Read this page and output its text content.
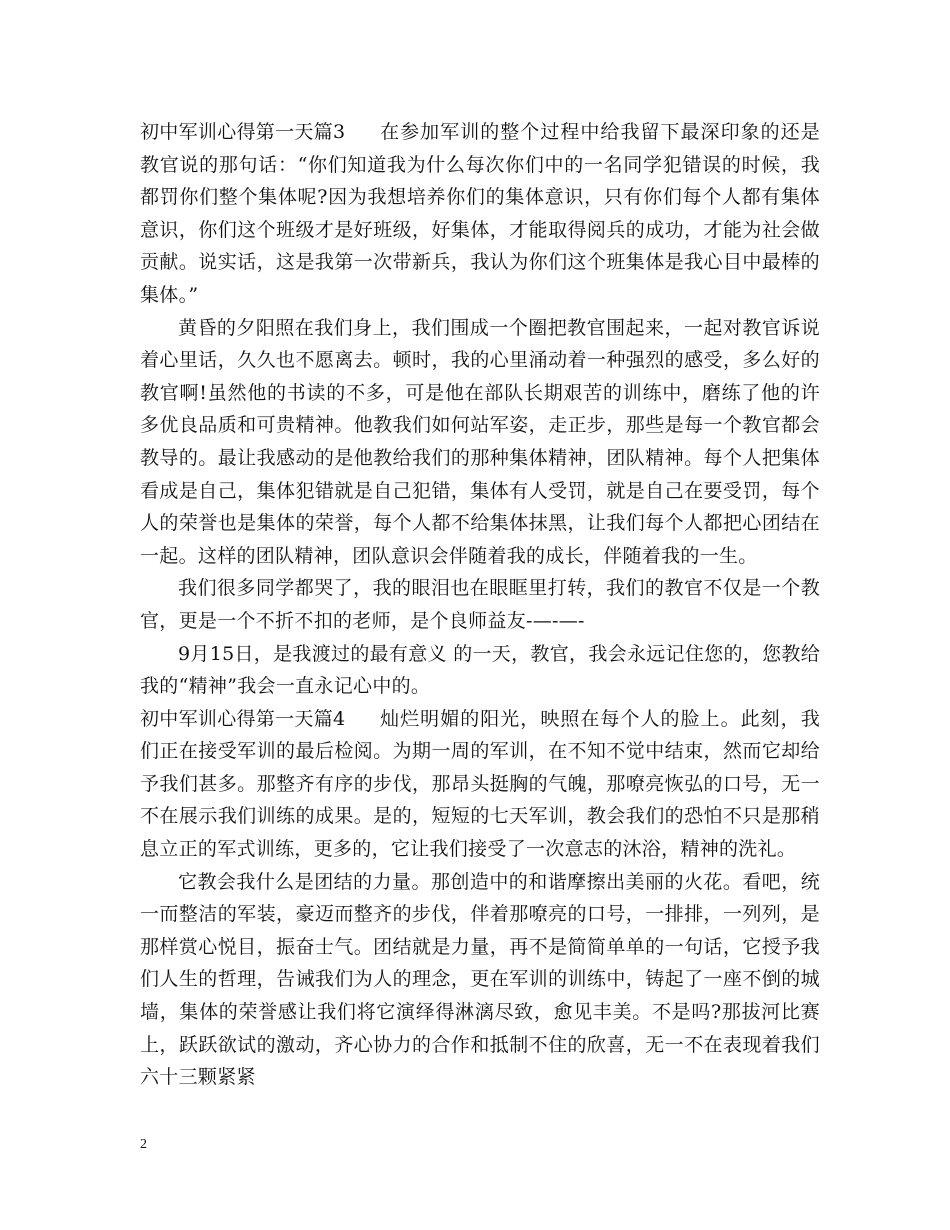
初中军训心得第一天篇3 在参加军训的整个过程中给我留下最深印象的还是教官说的那句话：“你们知道我为什么每次你们中的一名同学犯错误的时候，我都罚你们整个集体呢?因为我想培养你们的集体意识，只有你们每个人都有集体意识，你们这个班级才是好班级，好集体，才能取得阅兵的成功，才能为社会做贡献。说实话，这是我第一次带新兵，我认为你们这个班集体是我心目中最棒的集体。”

黄昏的夕阳照在我们身上，我们围成一个圈把教官围起来，一起对教官诉说着心里话，久久也不愿离去。顿时，我的心里涌动着一种强烈的感受，多么好的教官啊!虽然他的书读的不多，可是他在部队长期艰苦的训练中，磨练了他的许多优良品质和可贵精神。他教我们如何站军姿，走正步，那些是每一个教官都会教导的。最让我感动的是他教给我们的那种集体精神，团队精神。每个人把集体看成是自己，集体犯错就是自己犯错，集体有人受罚，就是自己在要受罚，每个人的荣誉也是集体的荣誉，每个人都不给集体抹黑，让我们每个人都把心团结在一起。这样的团队精神，团队意识会伴随着我的成长，伴随着我的一生。

我们很多同学都哭了，我的眼泪也在眼眶里打转，我们的教官不仅是一个教官，更是一个不折不扣的老师，是个良师益友-—-—-

9月15日，是我渡过的最有意义 的一天，教官，我会永远记住您的，您教给我的“精神”我会一直永记心中的。

初中军训心得第一天篇4 灿烂明媚的阳光，映照在每个人的脸上。此刻，我们正在接受军训的最后检阅。为期一周的军训，在不知不觉中结束，然而它却给予我们甚多。那整齐有序的步伐，那昂头挺胸的气魄，那嘹亮恢弘的口号，无一不在展示我们训练的成果。是的，短短的七天军训，教会我们的恐怕不只是那稍息立正的军式训练，更多的，它让我们接受了一次意志的沐浴，精神的洗礼。

它教会我什么是团结的力量。那创造中的和谐摩擦出美丽的火花。看吧，统一而整洁的军装，豪迈而整齐的步伐，伴着那嘹亮的口号，一排排，一列列，是那样赏心悦目，振奋士气。团结就是力量，再不是简简单单的一句话，它授予我们人生的哲理，告诫我们为人的理念，更在军训的训练中，铸起了一座不倒的城墙，集体的荣誉感让我们将它演绎得淋漓尽致，愈见丰美。不是吗?那拔河比赛上，跃跃欲试的激动，齐心协力的合作和抵制不住的欣喜，无一不在表现着我们六十三颗紧紧

2
